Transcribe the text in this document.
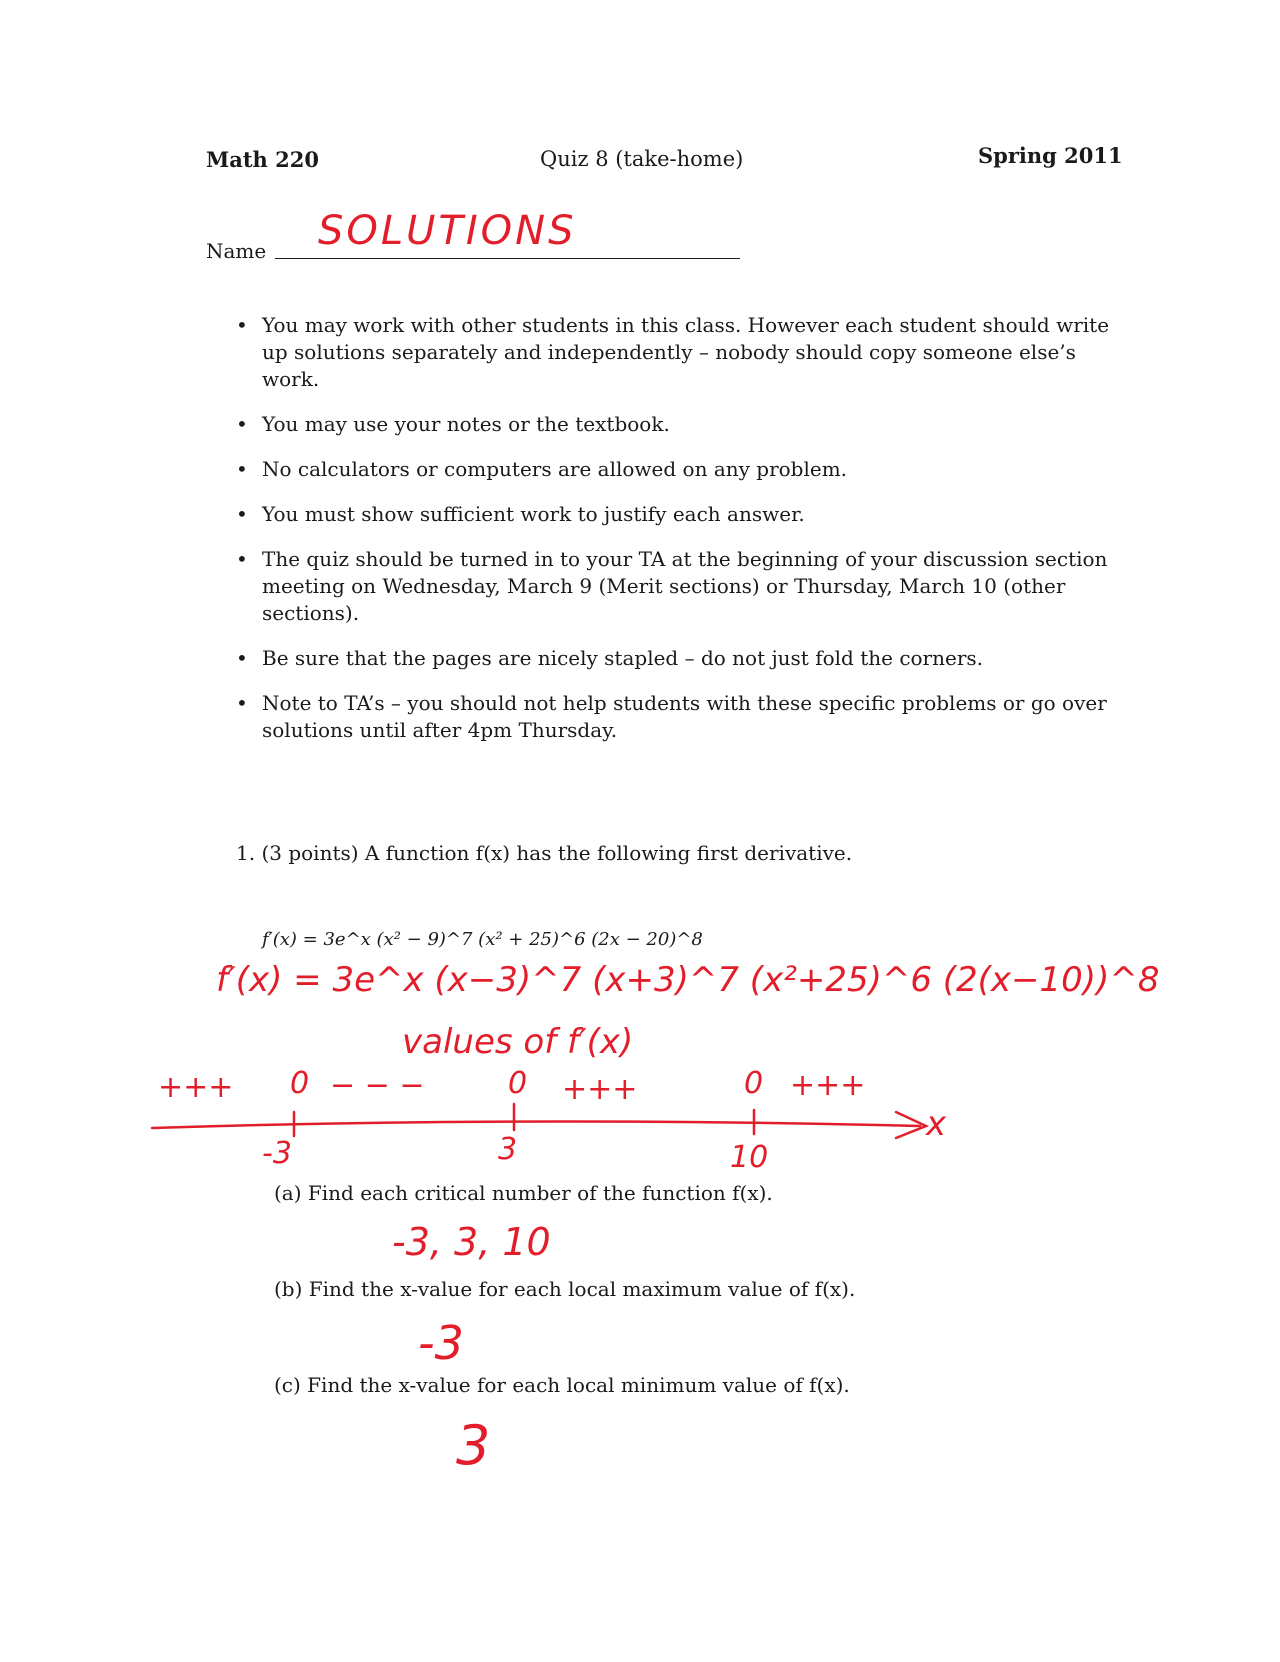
Math 220	Quiz 8 (take-home)	Spring 2011
Name SOLUTIONS
• You may work with other students in this class. However each student should write up solutions separately and independently – nobody should copy someone else’s work.
• You may use your notes or the textbook.
• No calculators or computers are allowed on any problem.
• You must show sufficient work to justify each answer.
• The quiz should be turned in to your TA at the beginning of your discussion section meeting on Wednesday, March 9 (Merit sections) or Thursday, March 10 (other sections).
• Be sure that the pages are nicely stapled – do not just fold the corners.
• Note to TA’s – you should not help students with these specific problems or go over solutions until after 4pm Thursday.
1. (3 points) A function f(x) has the following first derivative.
f′(x) = 3e^x (x² − 9)^7 (x² + 25)^6 (2x − 20)^8
f′(x) = 3e^x (x−3)^7 (x+3)^7 (x²+25)^6 (2(x−10))^8
values of f′(x)
+++ 0 − − −	0 +++	0 +++
x
-3	3	10
(a) Find each critical number of the function f(x).
-3, 3, 10
(b) Find the x-value for each local maximum value of f(x).
-3
(c) Find the x-value for each local minimum value of f(x).
3
